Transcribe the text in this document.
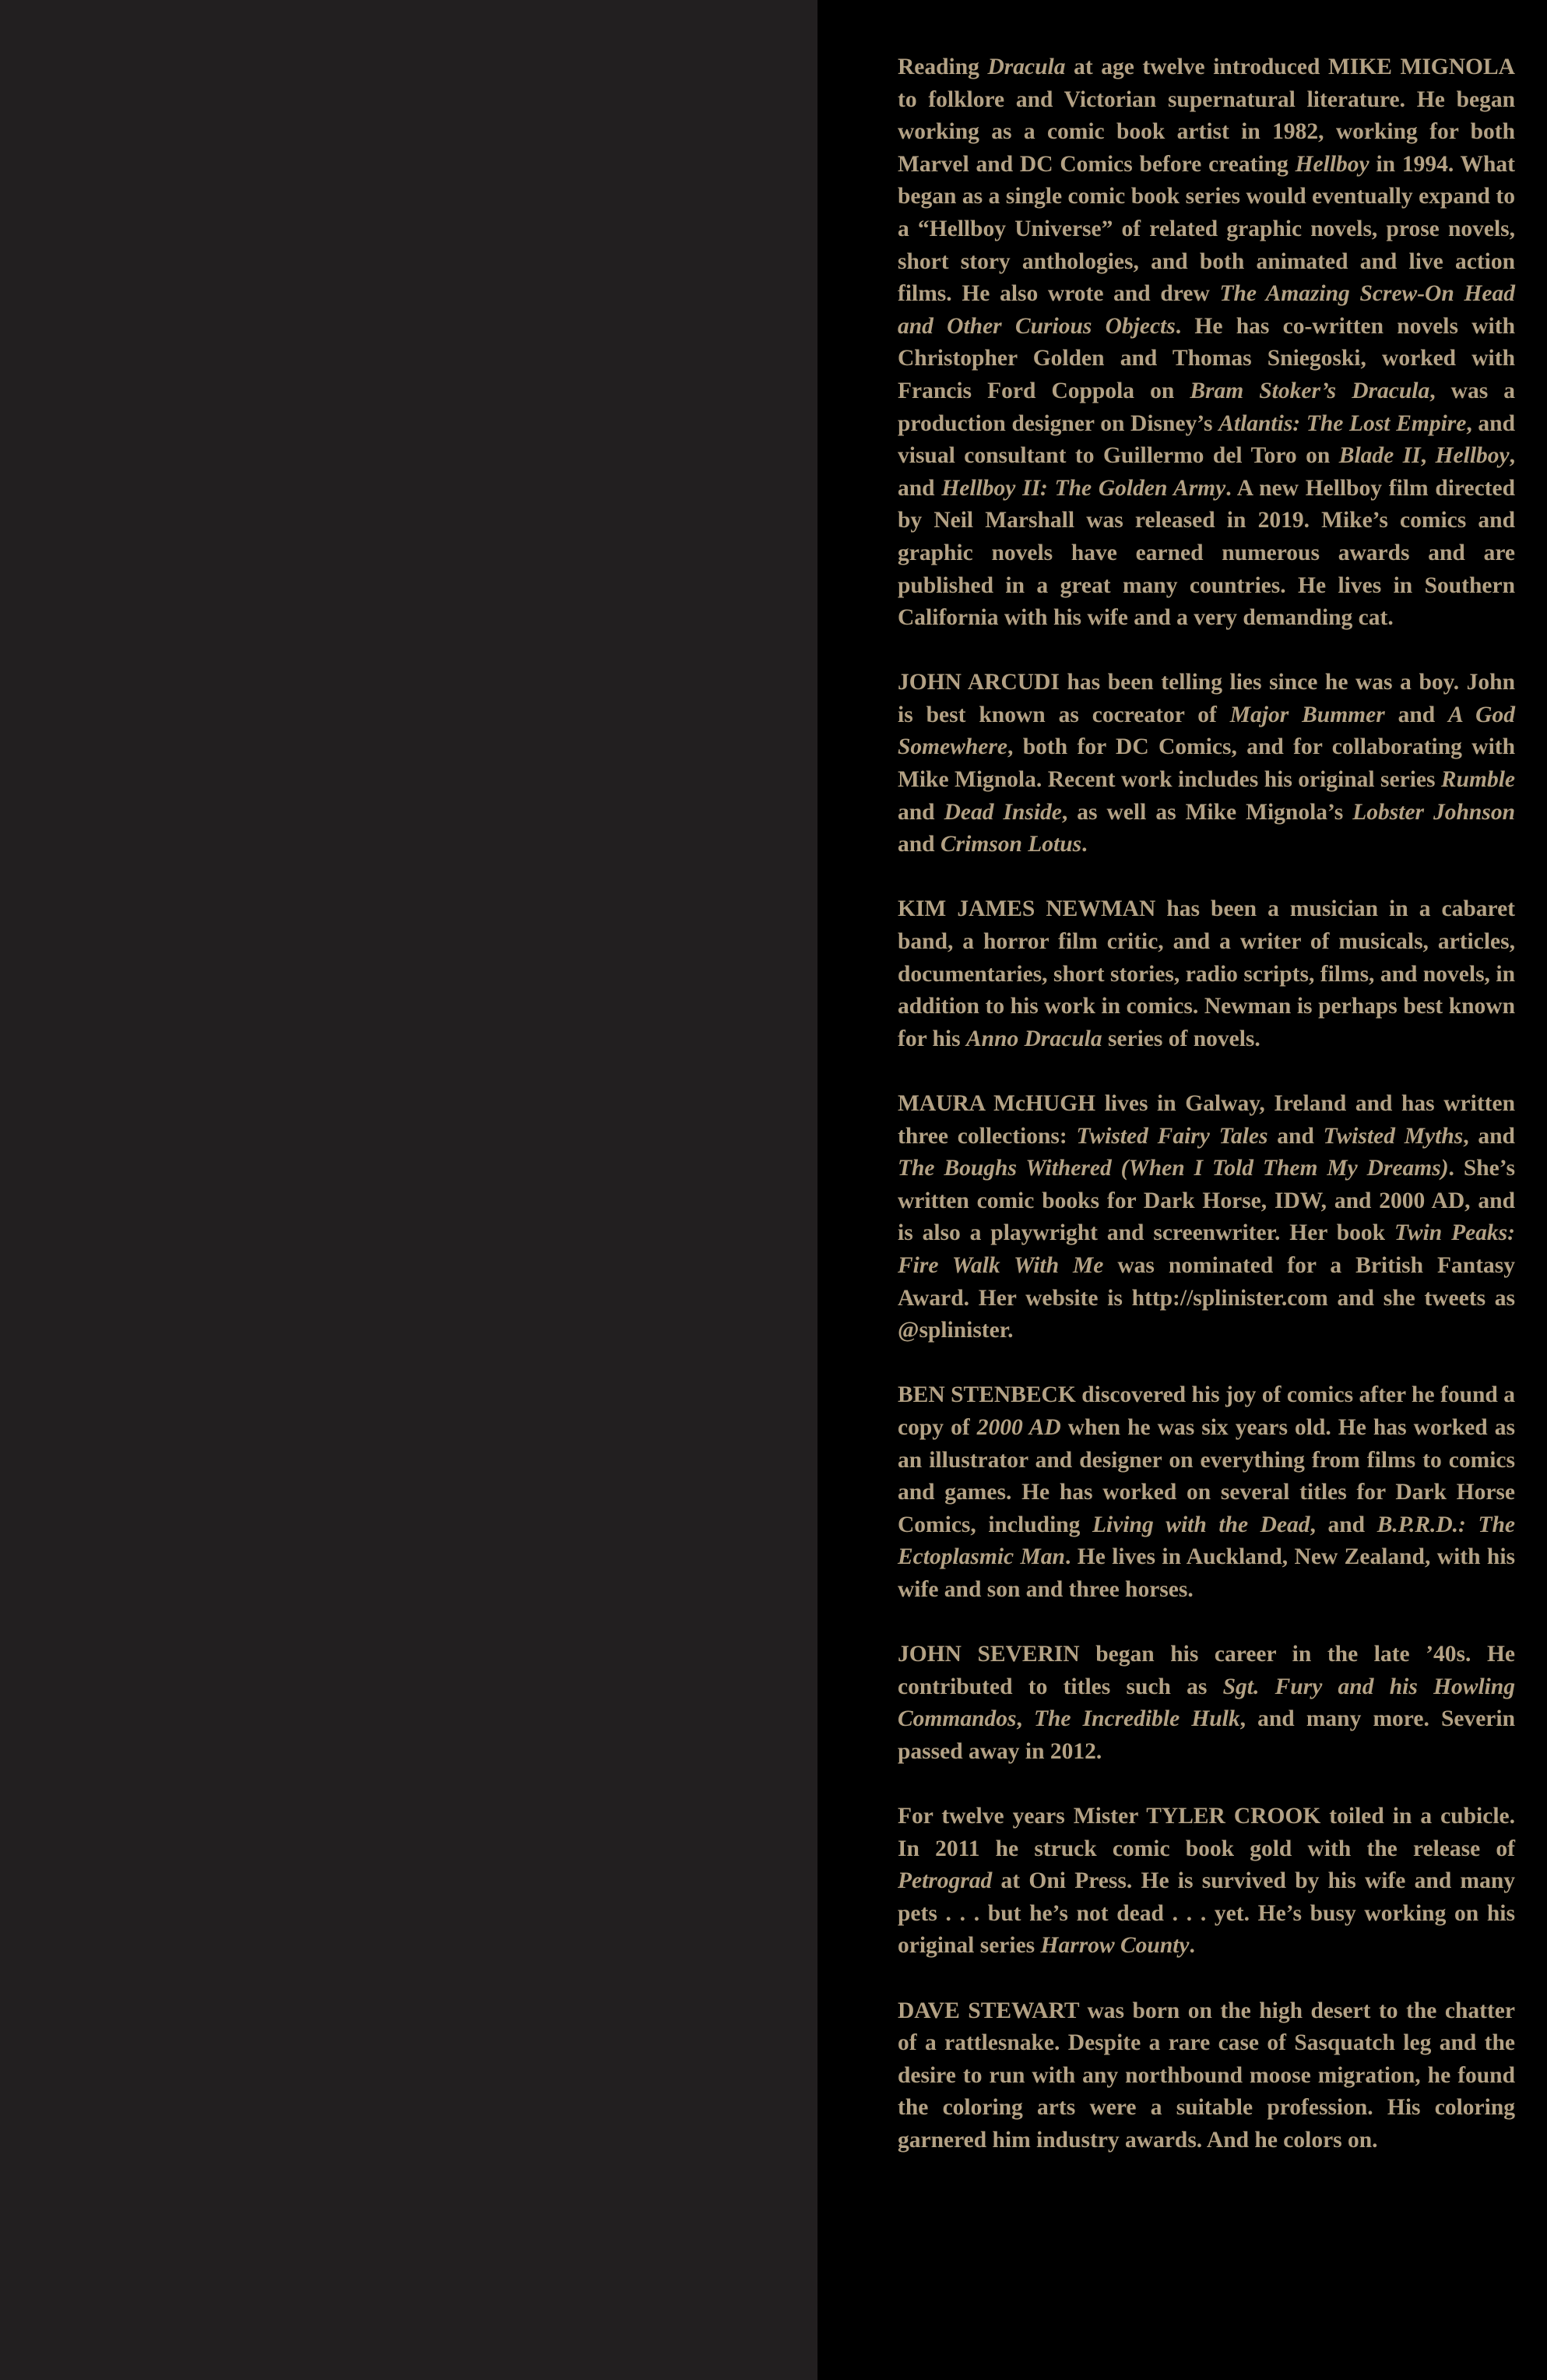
Reading Dracula at age twelve introduced MIKE MIGNOLA to folklore and Victorian supernatural literature. He began working as a comic book artist in 1982, working for both Marvel and DC Comics before creating Hellboy in 1994. What began as a single comic book series would eventually expand to a “Hellboy Universe” of related graphic novels, prose novels, short story anthologies, and both animated and live action films. He also wrote and drew The Amazing Screw-On Head and Other Curious Objects. He has co-written novels with Christopher Golden and Thomas Sniegoski, worked with Francis Ford Coppola on Bram Stoker’s Dracula, was a production designer on Disney’s Atlantis: The Lost Empire, and visual consultant to Guillermo del Toro on Blade II, Hellboy, and Hellboy II: The Golden Army. A new Hellboy film directed by Neil Marshall was released in 2019. Mike’s comics and graphic novels have earned numerous awards and are published in a great many countries. He lives in Southern California with his wife and a very demanding cat.

JOHN ARCUDI has been telling lies since he was a boy. John is best known as cocreator of Major Bummer and A God Somewhere, both for DC Comics, and for collaborating with Mike Mignola. Recent work includes his original series Rumble and Dead Inside, as well as Mike Mignola’s Lobster Johnson and Crimson Lotus.

KIM JAMES NEWMAN has been a musician in a cabaret band, a horror film critic, and a writer of musicals, articles, documentaries, short stories, radio scripts, films, and novels, in addition to his work in comics. Newman is perhaps best known for his Anno Dracula series of novels.

MAURA McHUGH lives in Galway, Ireland and has written three collections: Twisted Fairy Tales and Twisted Myths, and The Boughs Withered (When I Told Them My Dreams). She’s written comic books for Dark Horse, IDW, and 2000 AD, and is also a playwright and screenwriter. Her book Twin Peaks: Fire Walk With Me was nominated for a British Fantasy Award. Her website is http://splinister.com and she tweets as @splinister.

BEN STENBECK discovered his joy of comics after he found a copy of 2000 AD when he was six years old. He has worked as an illustrator and designer on everything from films to comics and games. He has worked on several titles for Dark Horse Comics, including Living with the Dead, and B.P.R.D.: The Ectoplasmic Man. He lives in Auckland, New Zealand, with his wife and son and three horses.

JOHN SEVERIN began his career in the late ’40s. He contributed to titles such as Sgt. Fury and his Howling Commandos, The Incredible Hulk, and many more. Severin passed away in 2012.

For twelve years Mister TYLER CROOK toiled in a cubicle. In 2011 he struck comic book gold with the release of Petrograd at Oni Press. He is survived by his wife and many pets . . . but he’s not dead . . . yet. He’s busy working on his original series Harrow County.

DAVE STEWART was born on the high desert to the chatter of a rattlesnake. Despite a rare case of Sasquatch leg and the desire to run with any northbound moose migration, he found the coloring arts were a suitable profession. His coloring garnered him industry awards. And he colors on.
